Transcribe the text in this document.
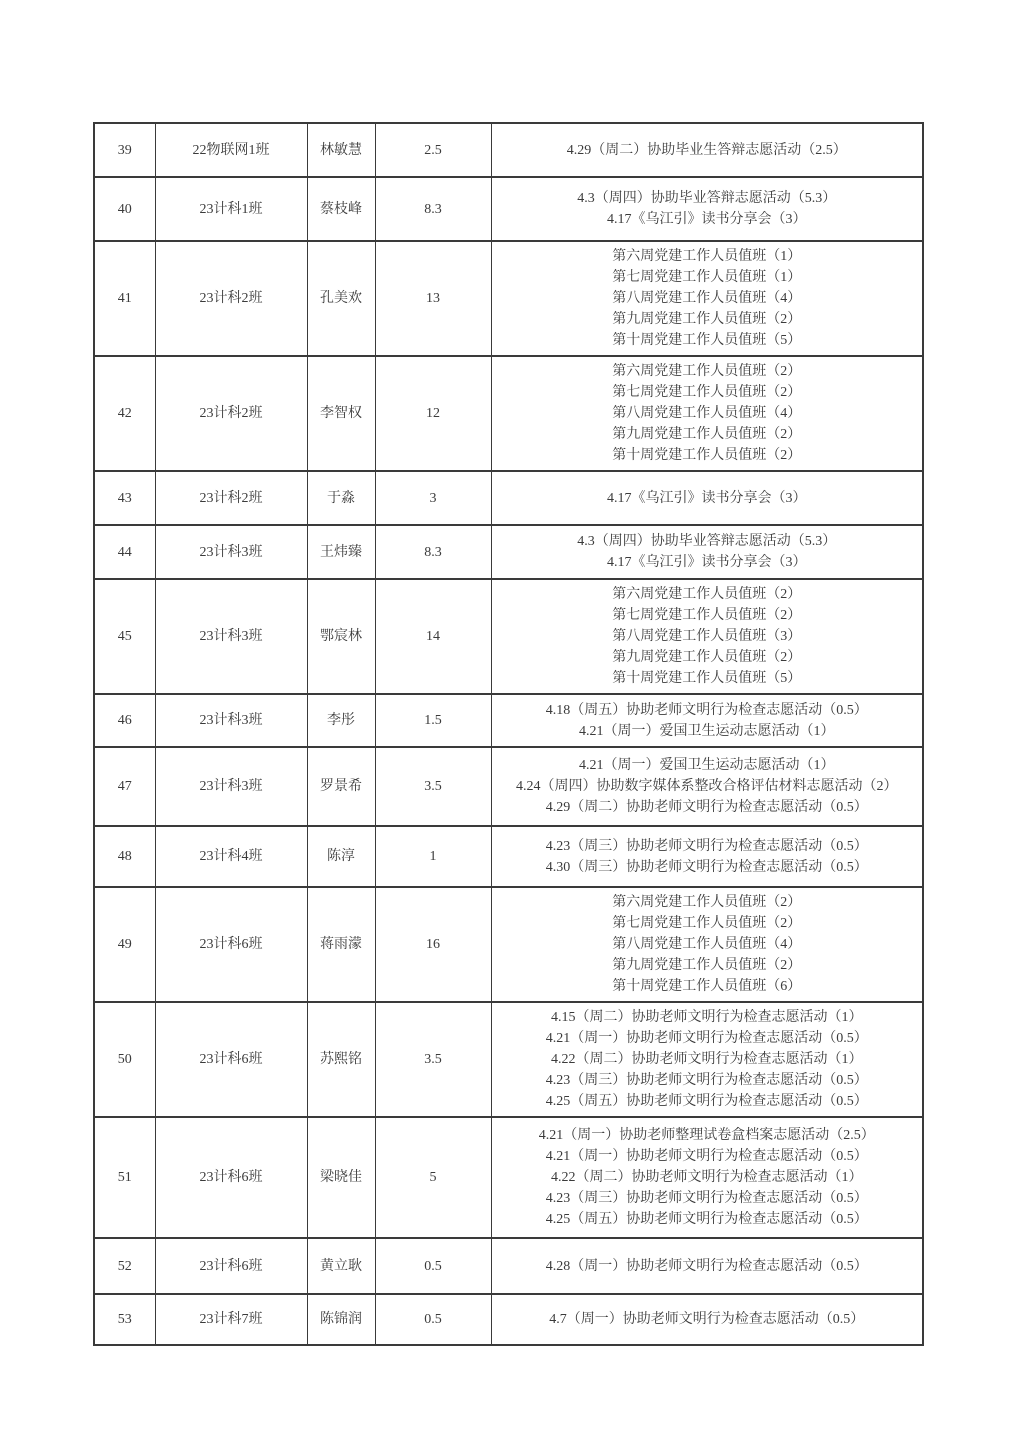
39	22物联网1班	林敏慧	2.5	4.29（周二）协助毕业生答辩志愿活动（2.5）

40	23计科1班	蔡枝峰	8.3	4.3（周四）协助毕业答辩志愿活动（5.3）
4.17《乌江引》读书分享会（3）

41	23计科2班	孔美欢	13	第六周党建工作人员值班（1）
第七周党建工作人员值班（1）
第八周党建工作人员值班（4）
第九周党建工作人员值班（2）
第十周党建工作人员值班（5）

42	23计科2班	李智权	12	第六周党建工作人员值班（2）
第七周党建工作人员值班（2）
第八周党建工作人员值班（4）
第九周党建工作人员值班（2）
第十周党建工作人员值班（2）

43	23计科2班	于淼	3	4.17《乌江引》读书分享会（3）

44	23计科3班	王炜臻	8.3	4.3（周四）协助毕业答辩志愿活动（5.3）
4.17《乌江引》读书分享会（3）

45	23计科3班	鄂宸林	14	第六周党建工作人员值班（2）
第七周党建工作人员值班（2）
第八周党建工作人员值班（3）
第九周党建工作人员值班（2）
第十周党建工作人员值班（5）

46	23计科3班	李彤	1.5	4.18（周五）协助老师文明行为检查志愿活动（0.5）
4.21（周一）爱国卫生运动志愿活动（1）

47	23计科3班	罗景希	3.5	4.21（周一）爱国卫生运动志愿活动（1）
4.24（周四）协助数字媒体系整改合格评估材料志愿活动（2）
4.29（周二）协助老师文明行为检查志愿活动（0.5）

48	23计科4班	陈淳	1	4.23（周三）协助老师文明行为检查志愿活动（0.5）
4.30（周三）协助老师文明行为检查志愿活动（0.5）

49	23计科6班	蒋雨濛	16	第六周党建工作人员值班（2）
第七周党建工作人员值班（2）
第八周党建工作人员值班（4）
第九周党建工作人员值班（2）
第十周党建工作人员值班（6）

50	23计科6班	苏熙铭	3.5	4.15（周二）协助老师文明行为检查志愿活动（1）
4.21（周一）协助老师文明行为检查志愿活动（0.5）
4.22（周二）协助老师文明行为检查志愿活动（1）
4.23（周三）协助老师文明行为检查志愿活动（0.5）
4.25（周五）协助老师文明行为检查志愿活动（0.5）

51	23计科6班	梁晓佳	5	4.21（周一）协助老师整理试卷盒档案志愿活动（2.5）
4.21（周一）协助老师文明行为检查志愿活动（0.5）
4.22（周二）协助老师文明行为检查志愿活动（1）
4.23（周三）协助老师文明行为检查志愿活动（0.5）
4.25（周五）协助老师文明行为检查志愿活动（0.5）

52	23计科6班	黄立耿	0.5	4.28（周一）协助老师文明行为检查志愿活动（0.5）

53	23计科7班	陈锦润	0.5	4.7（周一）协助老师文明行为检查志愿活动（0.5）
